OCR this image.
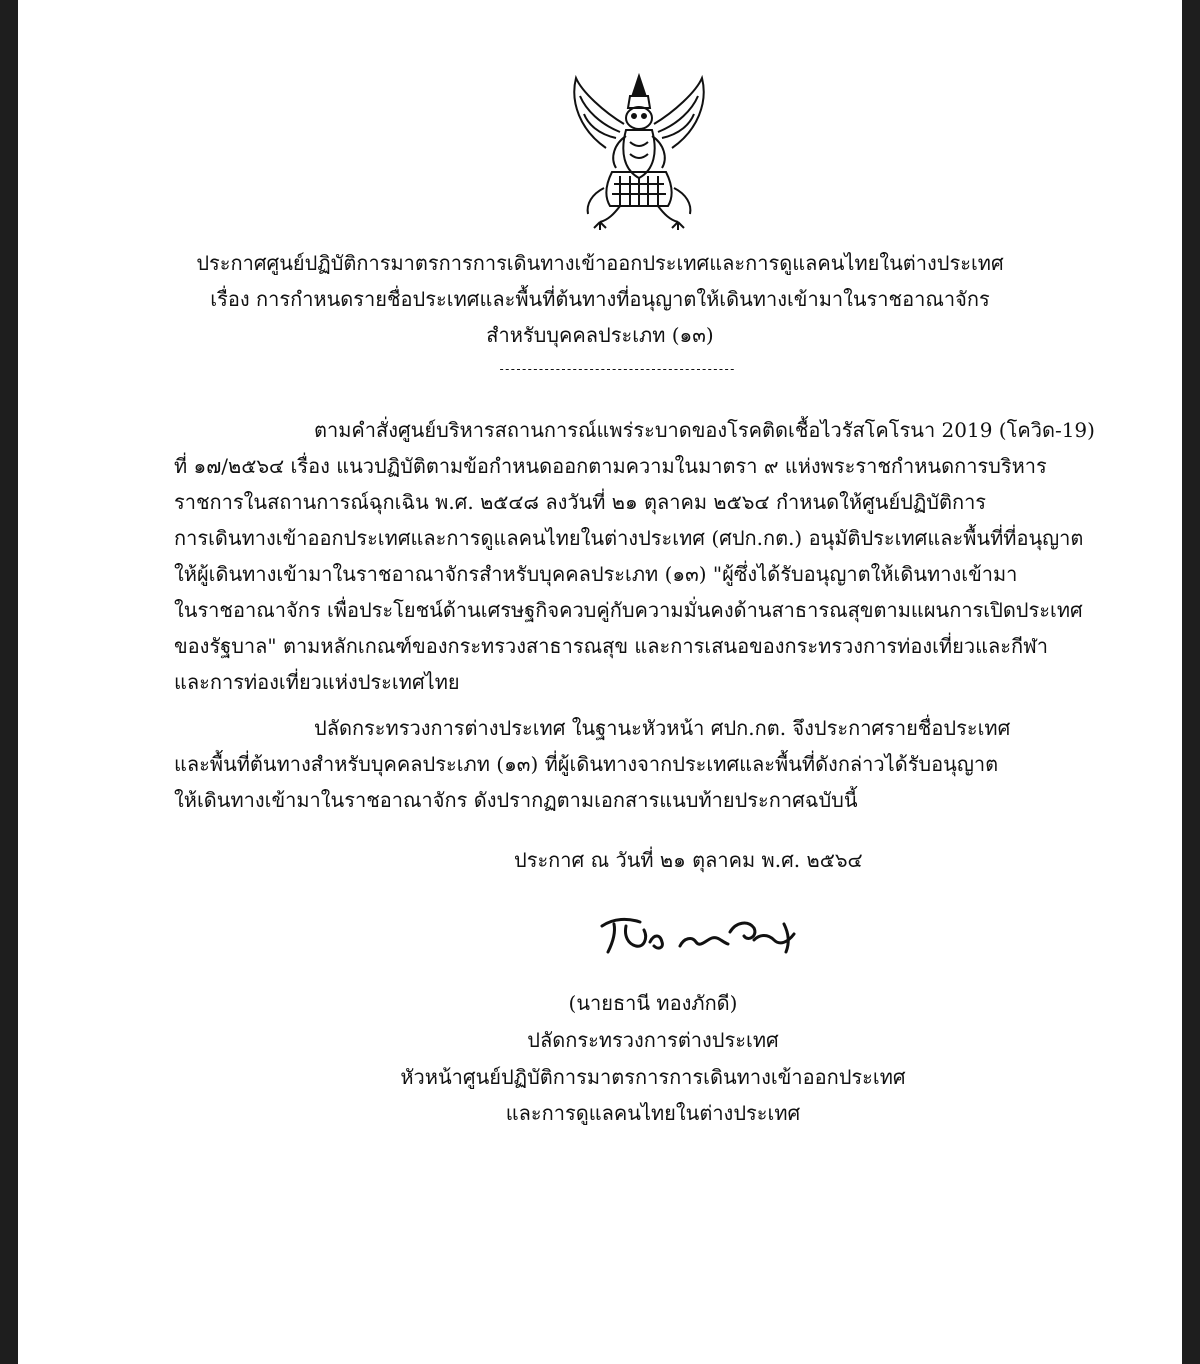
ประกาศศูนย์ปฏิบัติการมาตรการการเดินทางเข้าออกประเทศและการดูแลคนไทยในต่างประเทศ
เรื่อง การกำหนดรายชื่อประเทศและพื้นที่ต้นทางที่อนุญาตให้เดินทางเข้ามาในราชอาณาจักร
สำหรับบุคคลประเภท (๑๓)
------------------------------------------
ตามคำสั่งศูนย์บริหารสถานการณ์แพร่ระบาดของโรคติดเชื้อไวรัสโคโรนา 2019 (โควิด-19)
ที่ ๑๗/๒๕๖๔ เรื่อง แนวปฏิบัติตามข้อกำหนดออกตามความในมาตรา ๙ แห่งพระราชกำหนดการบริหาร
ราชการในสถานการณ์ฉุกเฉิน พ.ศ. ๒๕๔๘ ลงวันที่ ๒๑ ตุลาคม ๒๕๖๔ กำหนดให้ศูนย์ปฏิบัติการ
การเดินทางเข้าออกประเทศและการดูแลคนไทยในต่างประเทศ (ศปก.กต.) อนุมัติประเทศและพื้นที่ที่อนุญาต
ให้ผู้เดินทางเข้ามาในราชอาณาจักรสำหรับบุคคลประเภท (๑๓) "ผู้ซึ่งได้รับอนุญาตให้เดินทางเข้ามา
ในราชอาณาจักร เพื่อประโยชน์ด้านเศรษฐกิจควบคู่กับความมั่นคงด้านสาธารณสุขตามแผนการเปิดประเทศ
ของรัฐบาล" ตามหลักเกณฑ์ของกระทรวงสาธารณสุข และการเสนอของกระทรวงการท่องเที่ยวและกีฬา
และการท่องเที่ยวแห่งประเทศไทย
ปลัดกระทรวงการต่างประเทศ ในฐานะหัวหน้า ศปก.กต. จึงประกาศรายชื่อประเทศ
และพื้นที่ต้นทางสำหรับบุคคลประเภท (๑๓) ที่ผู้เดินทางจากประเทศและพื้นที่ดังกล่าวได้รับอนุญาต
ให้เดินทางเข้ามาในราชอาณาจักร ดังปรากฏตามเอกสารแนบท้ายประกาศฉบับนี้
ประกาศ ณ วันที่ ๒๑ ตุลาคม พ.ศ. ๒๕๖๔
(นายธานี ทองภักดี)
ปลัดกระทรวงการต่างประเทศ
หัวหน้าศูนย์ปฏิบัติการมาตรการการเดินทางเข้าออกประเทศ
และการดูแลคนไทยในต่างประเทศ
